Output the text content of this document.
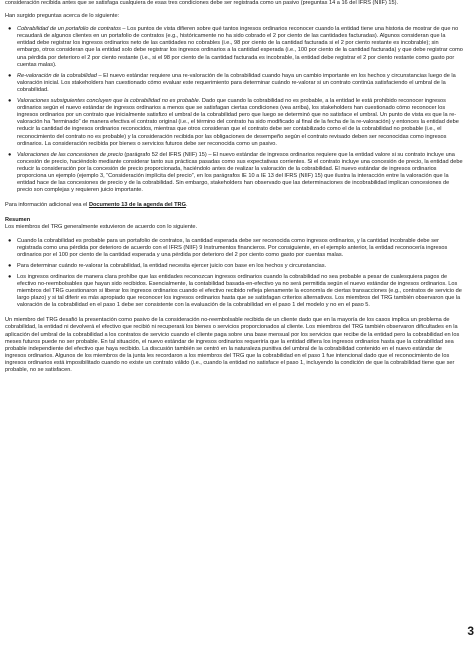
consideración recibida antes que se satisfaga cualquiera de esas tres condiciones debe ser registrada como un pasivo (preguntas 14 a 16 del IFRS (NIIF) 15).

Han surgido preguntas acerca de lo siguiente:

●	Cobrabilidad de un portafolio de contratos – Los puntos de vista difieren sobre qué tantos ingresos ordinarios reconocer cuando la entidad tiene una historia de mostrar de que no recaudará de algunos clientes en un portafolio de contratos (e.g., históricamente no ha sido cobrado el 2 por ciento de las cantidades facturadas). Algunos consideran que la entidad debe registrar los ingresos ordinarios neto de las cantidades no cobrables (i.e., 98 por ciento de la cantidad facturada si el 2 por ciento restante es incobrable); sin embargo, otros consideran que la entidad solo debe registrar los ingresos ordinarios a la cantidad esperada (i.e., 100 por ciento de la cantidad facturada) y que debe registrar como una pérdida por deterioro el 2 por ciento restante (i.e., si el 98 por ciento de la cantidad facturada es incobrable, la entidad debe registrar el 2 por ciento restante como gasto por cuentas malas).
●	Re-valoración de la cobrabilidad – El nuevo estándar requiere una re-valoración de la cobrabilidad cuando haya un cambio importante en los hechos y circunstancias luego de la valoración inicial. Los stakeholders han cuestionado cómo evaluar este requerimiento para determinar cuándo re-valorar si un contrato continúa satisfaciendo el umbral de la cobrabilidad.
●	Valoraciones subsiguientes concluyen que la cobrabilidad no es probable. Dado que cuando la cobrabilidad no es probable, a la entidad le está prohibido reconocer ingresos ordinarios según el nuevo estándar de ingresos ordinarios a menos que se satisfagan ciertas condiciones (vea arriba), los stakeholders han cuestionado cómo reconocer los ingresos ordinarios por un contrato que inicialmente satisfizo el umbral de la cobrabilidad pero que luego se determinó que no satisface el umbral. Un punto de vista es que la re-valoración ha “terminado” de manera efectiva el contrato original (i.e., el término del contrato ha sido modificado al final de la fecha de la re-valoración) y entonces la entidad debe reducir la cantidad de ingresos ordinarios reconocidos, mientras que otros consideran que el contrato debe ser contabilizado como el de la cobrabilidad no probable (i.e., el reconocimiento del contrato no es probable) y la consideración recibida por las obligaciones de desempeño según el contrato revisado deben ser reconocidas como ingresos ordinarios. La consideración recibida por bienes o servicios futuros debe ser reconocida como un pasivo.
●	Valoraciones de las concesiones de precio (parágrafo 52 del IFRS (NIIF) 15) – El nuevo estándar de ingresos ordinarios requiere que la entidad valore si su contrato incluye una concesión de precio, haciéndolo mediante considerar tanto sus prácticas pasadas como sus expectativas corrientes. Si el contrato incluye una concesión de precio, la entidad debe reducir la consideración por la concesión de precio proporcionada, haciéndolo antes de realizar la valoración de la cobrabilidad. El nuevo estándar de ingresos ordinarios proporciona un ejemplo (ejemplo 3, “Consideración implícita del precio”, en los parágrafos IE 10 a IE 13 del IFRS (NIIF) 15) que ilustra la interacción entre la valoración que la entidad hace de las concesiones de precio y de la cobrabilidad. Sin embargo, stakeholders han observado que las determinaciones de incobrabilidad implican concesiones de precio son complejas y requieren juicio importante.

Para información adicional vea el Documento 13 de la agenda del TRG.

Resumen

Los miembros del TRG generalmente estuvieron de acuerdo con lo siguiente.

●	Cuando la cobrabilidad es probable para un portafolio de contratos, la cantidad esperada debe ser reconocida como ingresos ordinarios, y la cantidad incobrable debe ser registrada como una pérdida por deterioro de acuerdo con el IFRS (NIIF) 9 Instrumentos financieros. Por consiguiente, en el ejemplo anterior, la entidad reconocería ingresos ordinarios por el 100 por ciento de la cantidad esperada y una pérdida por deterioro del 2 por ciento como gasto por cuentas malas.
●	Para determinar cuándo re-valorar la cobrabilidad, la entidad necesita ejercer juicio con base en los hechos y circunstancias.
●	Los ingresos ordinarios de manera clara prohíbe que las entidades reconozcan ingresos ordinarios cuando la cobrabilidad no sea probable a pesar de cualesquiera pagos de efectivo no-reembolsables que hayan sido recibidos. Esencialmente, la contabilidad basada-en-efectivo ya no será permitida según el nuevo estándar de ingresos ordinarios. Los miembros del TRG cuestionaron si liberar los ingresos ordinarios cuando el efectivo recibido refleja plenamente la economía de ciertas transacciones (e.g., contratos de servicio de largo plazo) y si tal diferir es más apropiado que reconocer los ingresos ordinarios hasta que se satisfagan criterios alternativos. Los miembros del TRG también observaron que la valoración de la cobrabilidad en el paso 1 debe ser consistente con la evaluación de la cobrabilidad en el paso 1 del modelo y no en el paso 5.

Un miembro del TRG desafió la presentación como pasivo de la consideración no-reembolsable recibida de un cliente dado que en la mayoría de los casos implica un problema de cobrabilidad, la entidad ni devolverá el efectivo que recibió ni recuperará los bienes o servicios proporcionados al cliente. Los miembros del TRG también observaron dificultades en la aplicación del umbral de la cobrabilidad a los contratos de servicio cuando el cliente paga sobre una base mensual por los servicios que recibe de la entidad pero la cobrabilidad en los meses futuros puede no ser probable. En tal situación, el nuevo estándar de ingresos ordinarios requeriría que la entidad difiera los ingresos ordinarios hasta que la cobrabilidad sea probable independiente del efectivo que haya recibido. La discusión también se centró en la naturaleza punitiva del umbral de la cobrabilidad contenido en el nuevo estándar de ingresos ordinarios. Algunos de los miembros de la junta les recordaron a los miembros del TRG que la cobrabilidad en el paso 1 fue intencional dado que el reconocimiento de los ingresos ordinarios está imposibilitado cuando no existe un contrato válido (i.e., cuando la entidad no satisface el paso 1, incluyendo la condición de que la cobrabilidad tiene que ser probable, no se satisfacen.

3
